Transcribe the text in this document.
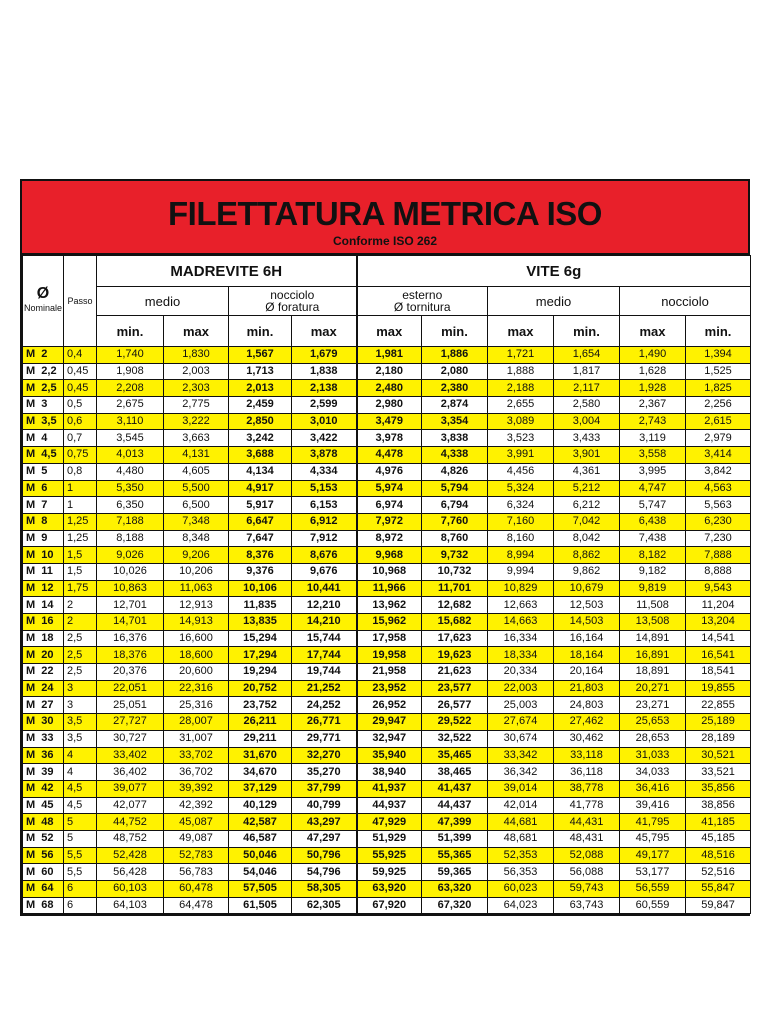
FILETTATURA METRICA ISO
Conforme ISO 262
Ø
Nominale	Passo	MADREVITE 6H				VITE 6g					
		medio		nocciolo
Ø foratura		esterno
Ø tornitura		medio		nocciolo	
		min.	max	min.	max	max	min.	max	min.	max	min.
M  2	0,4	1,740	1,830	1,567	1,679	1,981	1,886	1,721	1,654	1,490	1,394
M  2,2	0,45	1,908	2,003	1,713	1,838	2,180	2,080	1,888	1,817	1,628	1,525
M  2,5	0,45	2,208	2,303	2,013	2,138	2,480	2,380	2,188	2,117	1,928	1,825
M  3	0,5	2,675	2,775	2,459	2,599	2,980	2,874	2,655	2,580	2,367	2,256
M  3,5	0,6	3,110	3,222	2,850	3,010	3,479	3,354	3,089	3,004	2,743	2,615
M  4	0,7	3,545	3,663	3,242	3,422	3,978	3,838	3,523	3,433	3,119	2,979
M  4,5	0,75	4,013	4,131	3,688	3,878	4,478	4,338	3,991	3,901	3,558	3,414
M  5	0,8	4,480	4,605	4,134	4,334	4,976	4,826	4,456	4,361	3,995	3,842
M  6	1	5,350	5,500	4,917	5,153	5,974	5,794	5,324	5,212	4,747	4,563
M  7	1	6,350	6,500	5,917	6,153	6,974	6,794	6,324	6,212	5,747	5,563
M  8	1,25	7,188	7,348	6,647	6,912	7,972	7,760	7,160	7,042	6,438	6,230
M  9	1,25	8,188	8,348	7,647	7,912	8,972	8,760	8,160	8,042	7,438	7,230
M  10	1,5	9,026	9,206	8,376	8,676	9,968	9,732	8,994	8,862	8,182	7,888
M  11	1,5	10,026	10,206	9,376	9,676	10,968	10,732	9,994	9,862	9,182	8,888
M  12	1,75	10,863	11,063	10,106	10,441	11,966	11,701	10,829	10,679	9,819	9,543
M  14	2	12,701	12,913	11,835	12,210	13,962	12,682	12,663	12,503	11,508	11,204
M  16	2	14,701	14,913	13,835	14,210	15,962	15,682	14,663	14,503	13,508	13,204
M  18	2,5	16,376	16,600	15,294	15,744	17,958	17,623	16,334	16,164	14,891	14,541
M  20	2,5	18,376	18,600	17,294	17,744	19,958	19,623	18,334	18,164	16,891	16,541
M  22	2,5	20,376	20,600	19,294	19,744	21,958	21,623	20,334	20,164	18,891	18,541
M  24	3	22,051	22,316	20,752	21,252	23,952	23,577	22,003	21,803	20,271	19,855
M  27	3	25,051	25,316	23,752	24,252	26,952	26,577	25,003	24,803	23,271	22,855
M  30	3,5	27,727	28,007	26,211	26,771	29,947	29,522	27,674	27,462	25,653	25,189
M  33	3,5	30,727	31,007	29,211	29,771	32,947	32,522	30,674	30,462	28,653	28,189
M  36	4	33,402	33,702	31,670	32,270	35,940	35,465	33,342	33,118	31,033	30,521
M  39	4	36,402	36,702	34,670	35,270	38,940	38,465	36,342	36,118	34,033	33,521
M  42	4,5	39,077	39,392	37,129	37,799	41,937	41,437	39,014	38,778	36,416	35,856
M  45	4,5	42,077	42,392	40,129	40,799	44,937	44,437	42,014	41,778	39,416	38,856
M  48	5	44,752	45,087	42,587	43,297	47,929	47,399	44,681	44,431	41,795	41,185
M  52	5	48,752	49,087	46,587	47,297	51,929	51,399	48,681	48,431	45,795	45,185
M  56	5,5	52,428	52,783	50,046	50,796	55,925	55,365	52,353	52,088	49,177	48,516
M  60	5,5	56,428	56,783	54,046	54,796	59,925	59,365	56,353	56,088	53,177	52,516
M  64	6	60,103	60,478	57,505	58,305	63,920	63,320	60,023	59,743	56,559	55,847
M  68	6	64,103	64,478	61,505	62,305	67,920	67,320	64,023	63,743	60,559	59,847
